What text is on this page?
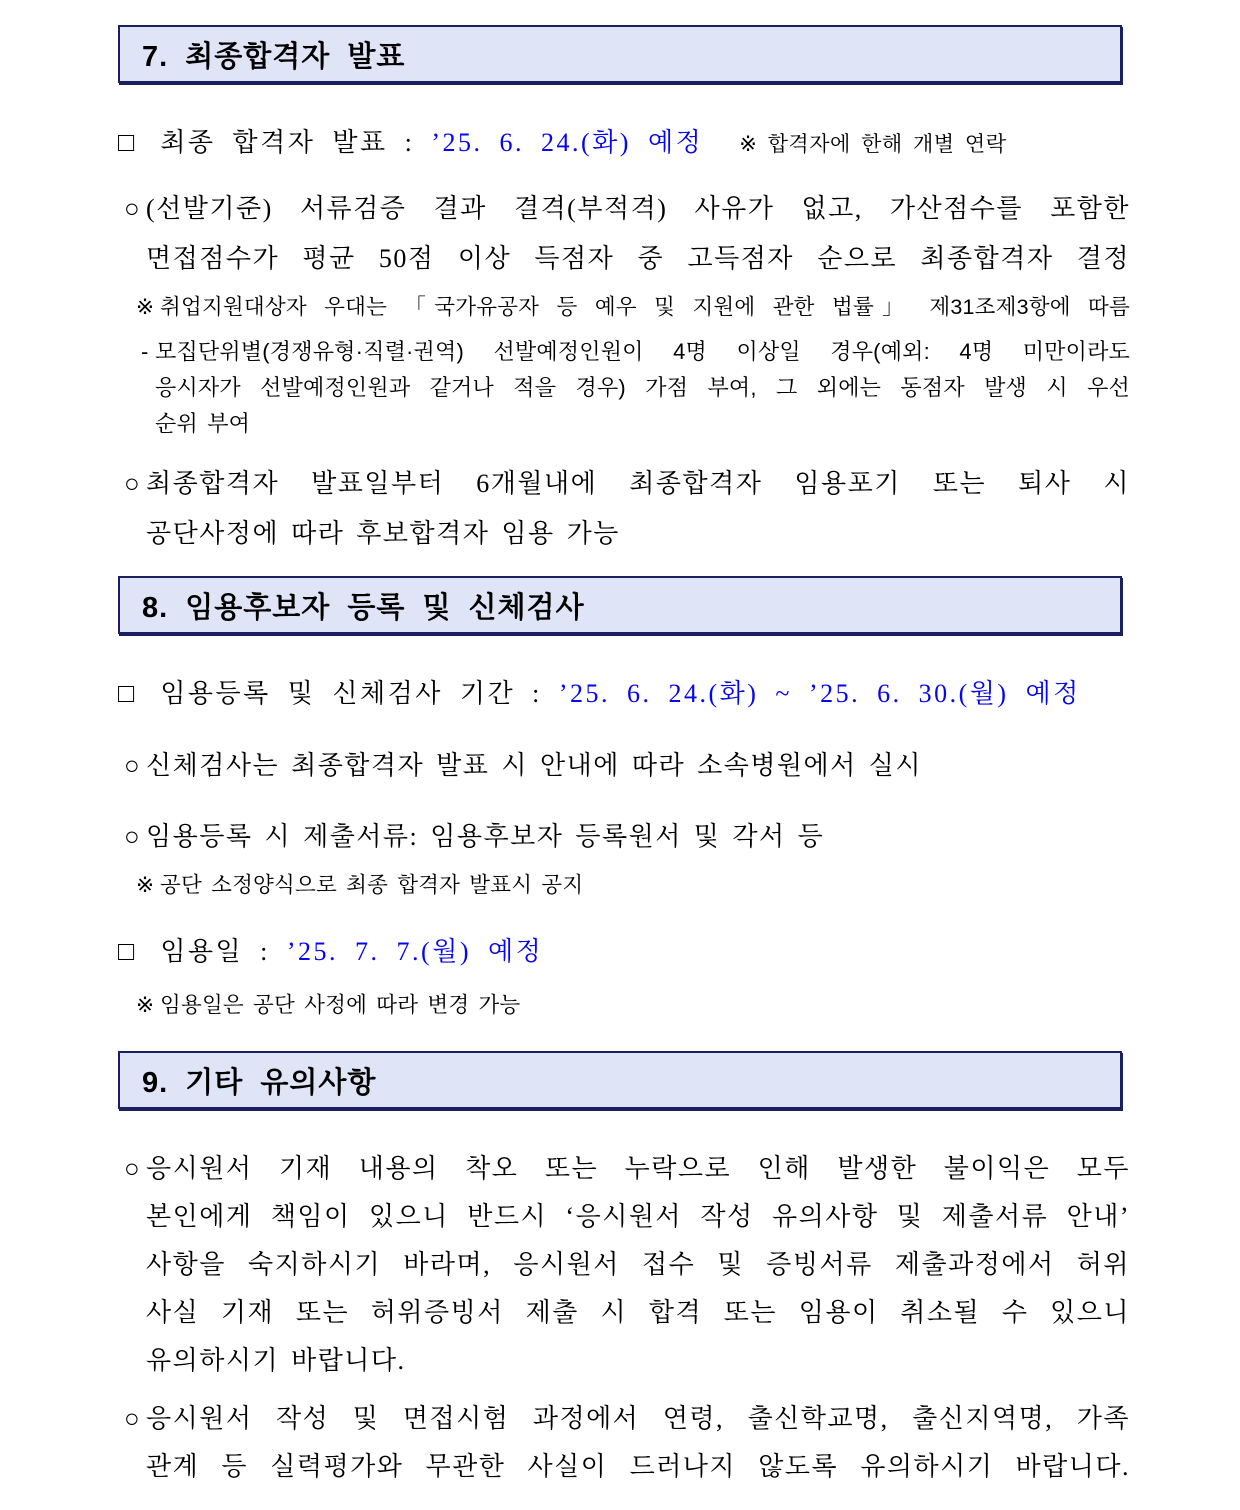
7. 최종합격자 발표
□ 최종 합격자 발표 : ’25. 6. 24.(화) 예정 ※ 합격자에 한해 개별 연락
○ (선발기준) 서류검증 결과 결격(부적격) 사유가 없고, 가산점수를 포함한
면접점수가 평균 50점 이상 득점자 중 고득점자 순으로 최종합격자 결정
※ 취업지원대상자 우대는 「국가유공자 등 예우 및 지원에 관한 법률」 제31조제3항에 따름
- 모집단위별(경쟁유형·직렬·권역) 선발예정인원이 4명 이상일 경우(예외: 4명 미만이라도
응시자가 선발예정인원과 같거나 적을 경우) 가점 부여, 그 외에는 동점자 발생 시 우선
순위 부여
○ 최종합격자 발표일부터 6개월내에 최종합격자 임용포기 또는 퇴사 시
공단사정에 따라 후보합격자 임용 가능
8. 임용후보자 등록 및 신체검사
□ 임용등록 및 신체검사 기간 : ’25. 6. 24.(화) ~ ’25. 6. 30.(월) 예정
○ 신체검사는 최종합격자 발표 시 안내에 따라 소속병원에서 실시
○ 임용등록 시 제출서류: 임용후보자 등록원서 및 각서 등
※ 공단 소정양식으로 최종 합격자 발표시 공지
□ 임용일 : ’25. 7. 7.(월) 예정
※ 임용일은 공단 사정에 따라 변경 가능
9. 기타 유의사항
○ 응시원서 기재 내용의 착오 또는 누락으로 인해 발생한 불이익은 모두
본인에게 책임이 있으니 반드시 ‘응시원서 작성 유의사항 및 제출서류 안내’
사항을 숙지하시기 바라며, 응시원서 접수 및 증빙서류 제출과정에서 허위
사실 기재 또는 허위증빙서 제출 시 합격 또는 임용이 취소될 수 있으니
유의하시기 바랍니다.
○ 응시원서 작성 및 면접시험 과정에서 연령, 출신학교명, 출신지역명, 가족
관계 등 실력평가와 무관한 사실이 드러나지 않도록 유의하시기 바랍니다.
